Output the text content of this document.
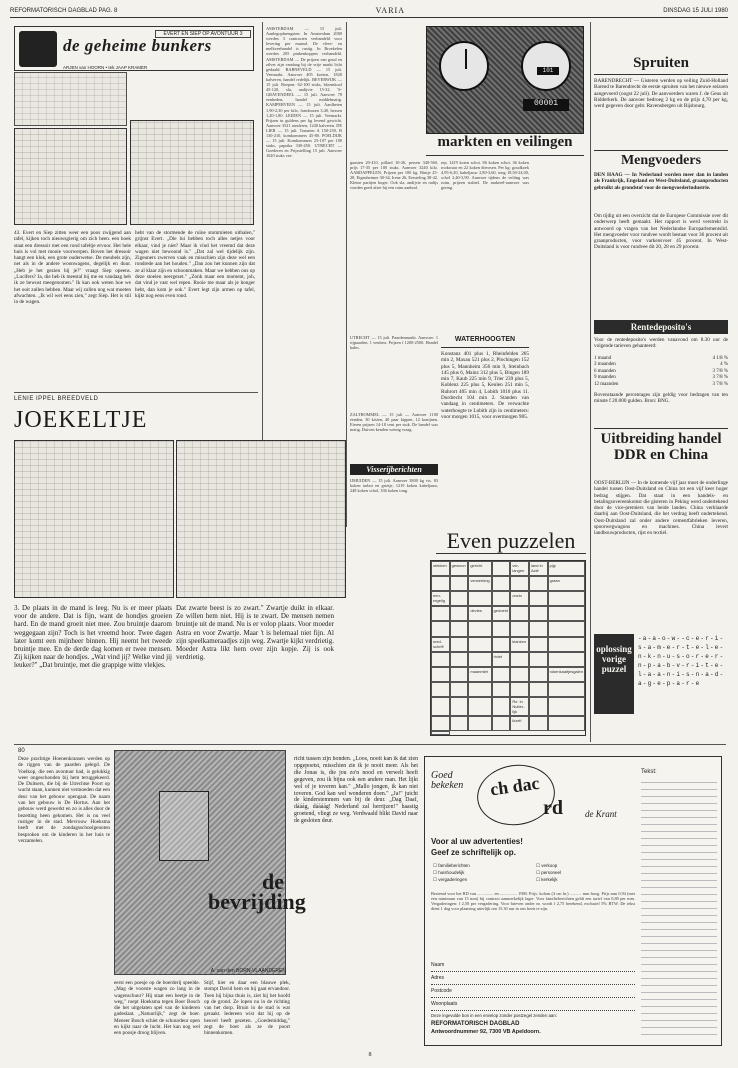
REFORMATORISCH DAGBLAD PAG. 8	VARIA	DINSDAG 15 JULI 1980
EVERT EN SIEP OP AVONTUUR 3
de geheime bunkers
ARJEN van HOORN • tek JAAP KRAMER
43. Evert en Siep zitten weer een poos zwijgend aan tafel, kijken toch nieuwsgierig om zich heen. een hoek staat een dressoir met een rond tafeltje ervoor. Het hele huis is vol met mooie voorwerpen. Boven het dressoir hangt een klok, een grote ouderwetse. De meubels zijn, net als in de andere woonwagens, degelijk en duur. „Heb je het gezien bij je?" vraagt Siep opeens. „Lucifers? Ja, die heb ik meestal bij me en vandaag heb ik ze bewust meegenomen." Ik kan ook weten hoe we het ooit zullen hebben. Maar wij zullen nog wat moeten afwachten. „Ik wil wel eens zien," zegt Siep. Het is stil in de wagen.
hebt van de stormende de ruïne stommieten uithalen," grijnst Evert. „Die lui hebben toch alles netjes voor elkaar, vind je niet? Maar ik vind het vreemd dat deze wagen niet bewoond is." „Dat zal wel tijdelijk zijn. Zigeuners zwerven vaak en misschien zijn deze wel een rondrede aan het houden." „Dan zou het kunnen zijn dat ze al klaar zijn en schoonmaken. Maar we hebben ons op deze stoelen neergezet." „Zonk maar een moment, joh, dat vind je vast wel repen. Rooie me maar als je honger hebt, dan kom je ook." Evert legt zijn armen op tafel, kijkt nog eens even rond.
AMSTERDAM — 15 juli. Aanlegopbrengsten: In Amsterdam 2000 werden 3 contracten verhandeld voor levering per maand. De vlees- en melkveehandel is rustig. In Broekelen werden 205 pinkenkoppen verhandeld. AMSTERDAM — De prijzen van goud en zilver zijn vandaag bij de vrije markt licht gedaald. BARNEVELD — 15 juli. Veemarkt. Aanvoer 405 koeien, 1820 kalveren, handel redelijk. BEVERWIJK — 15 juli. Boepen: 62-100 stuks, bloemkool 45-120, sla, andijvie 15-32. 'S-GRAVENDEEL — 15 juli. Aanvoer 78 eenheden, handel middelmatig. KAMPERVEEN — 15 juli. Aardbeien 1,90-2,30 per kilo, frambozen 3,40, bessen 1,20-1,80. LEIDEN — 15 juli. Veemarkt. Prijzen in guldens per kg levend gewicht. Aanvoer 3521 runderen, 1240 kalveren. DE LIER — 15 juli. Tomaten A 150-250, B 130-210, komkommers 45-80. POELDIJK — 15 juli. Komkommers 25-107 per 100 stuks, paprika 330-450. UTRECHT — Goederen en Prijsstelling 15 juli. Aanvoer 1020 stuks vee.
101
00001
markten en veilingen
gaasten 20-410, pillard 10-26, persen 340-560, prijs 17-35 per 100 stuks. Aanvoer 3240 kilo. AARDAPPELEN. Prijzen per 100 kg. Bintje 25-28, Eigenheimer 30-34, Irene 26, Eersteling 38-42. Kleine partijen hoger. Ook sla, andijvie en radijs vonden goed afzet bij een ruim aanbod.
rep. 1419 koten schot. 86 koken schot. 36 koken rookwaar en 22 koken dierosen. Per kg: goudkoek 4,95-6,20, kabeljauw 2,80-3,60, tong 18,50-24,00, schol 2,40-3,90. Aanvoer tijdens de veiling was ruim, prijzen stabiel. De makreel-aanvoer was gering.
UTRECHT — 15 juli. Paardenmarkt. Aanvoer: 1 rijpaarden, 1 veulens. Prijzen f 1200-2500. Handel kalm.
ZALTBOMMEL — 15 juli — Aanvoer 1100 eenden, 30 kisten, 40 paar kippen, 12 konijnen. Eieren prijzen 14-18 cent per stuk. De handel was matig. Duiven kenden weinig vraag.
Visserijberichten
IJMUIDEN — 15 juli. Aanvoer 3800 kg vis. 83 koken tarbot en grietje, 1219 koken kabeljauw, 248 koken schol, 336 koken tong.
WATERHOOGTEN
Konstanz 401 plus 1, Rheinfelden 265 min 2, Maxau 521 plus 2, Plochingen 152 plus 5, Mannheim 356 min 9, Steinbach 145 plus 6, Mainz 312 plus 5, Bingen 189 min 7, Kaub 225 min 9, Trier 239 plus 5, Koblenz 225 plus 5, Keulen 251 min 5, Ruhrort 405 min 4, Lobith 1010 plus 11. Dordrecht 104 min 2. Standen van vandaag in centimeters. De verwachte waterhoogte te Lobith zijn in centimeters: voor morgen 1015, voor overmorgen 985.
Spruiten
BARENDRECHT — Gisteren werden op veiling Zuid-Holland Barend te Barendrecht de eerste spruiten van het nieuwe seizoen aangevoerd (oogst 22 juli). De aanvoerders waren J. de Geus uit Ridderkerk. De aanvoer bedroeg 2 kg en de prijs 4,70 per kg, werd gegeven door gebr. Ravensbergen uit Rijsbourg.
Mengvoeders
DEN HAAG — In Nederland worden meer dan in landen als Frankrijk, Engeland en West-Duitsland, graanproducten gebruikt als grondstof voor de mengvoederindustrie.
Om tijdig uit een overzicht dat de Europese Commissie over dit onderwerp heeft gemaakt. Het rapport is werd verstrekt in antwoord op vragen van het Nederlandse Europarlementslid. Het mengvoeder voor rundvee wordt bestaat voor 36 procent uit graanproducten, voor varkensvoer 45 procent. In West-Duitsland is voor rundvee dit 20, 28 en 29 procent.
Rentedeposito's
Voor de rentedeposito's werden vanavond om 8.30 uur de volgende tarieven gehanteerd:
1 maand	4 1/8 %
3 maanden	4 %
6 maanden	3 7/8 %
9 maanden	3 7/8 %
12 maanden	3 7/8 %
Bovenstaande percentages zijn geldig voor bedragen van ten minste f 20.000 gulden. Bron: BNG.
Uitbreiding handel DDR en China
OOST-BERLIJN — In de komende vijf jaar moet de onderlinge handel tussen Oost-Duitsland en China tot een vijf keer hoger bedrag stijgen. Dat staat in een handels- en betalingsovereenkomst die gisteren in Peking werd ondertekend door de vice-premiers van beide landen. China verklaarde daarbij aan Oost-Duitsland, die het verdrag heeft ondertekend. Oost-Duitsland zal onder andere cementfabrieken leveren, spoorwegwagons en machines. China levert landbouwproducten, rijst en textiel.
oplossing vorige puzzel
-a-a-o-w--c-e-r-i-s-a-m-e-r-t-e-l-e-n-k-n-u-s-o-r-e-r-n-p-a-b-v-r-i-t-e-l-a-a-n-i-s-n-a-d-a-g-e-p-a-r-e
Even puzzelen
stekken	gewoon	gericht	ver-langen
land in Azië
pijp
verwerking	graan
een-regelig
onzin
devies	gedoeld
med-schrift
klanken
riviet
maanmiet	rokenkaaltjesgalen
Re. in Nutter-lijk
ikzelf
LENIE IPPEL BREEDVELD
JOEKELTJE
3. De plaats in de mand is leeg. Nu is er meer plaats voor de andere. Dat is fijn, want de hondjes groeien hard. En de mand groeit niet mee. Zou bruintje daarom weggegaan zijn? Toch is het vreemd hoor. Twee dagen later komt een mijnheer binnen. Hij neemt het tweede bruintje mee. En de derde dag komen er twee mensen. Zij kijken naar de hondjes. „Wat vind jij? Welke vind jij leuker?" „Dat bruintje, met die grappige witte vlekjes.
Dat zwarte beest is zo zwart." Zwartje duikt in elkaar. Ze willen hem niet. Hij is te zwart. De mensen nemen bruintje uit de mand. Nu is er volop plaats. Voor moeder Astra en voor Zwartje. Maar 't is helemaal niet fijn. Al zijn speelkameraadjes zijn weg. Zwartje kijkt verdrietig. Moeder Astra likt hem over zijn kopje. Zij is ook verdrietig.
80
Deze prachtige Hoenenkransen werden op de riggen van de paarden gelegd. De Voelkop, die een avontuur had, is gelukkig weer ongeschonden bij hem teruggekeerd. De Duitsers, die bij de Utrechtse Poort op wacht staan, kunnen niet vermoeden dat een deur van het gebouw opengaat. De naam van het gebouw is De Hortus. Aan het gebouw werd gewerkt en zo is alles door de bezetting heen gekomen. Het is nu veel rustiger in de stad. Mevrouw Hoeksma heeft met de zondagsschoolgenoten besproken om de kinderen in het huis te verzamelen.
de bevrijding
A. van den BORN-VLAANDEREN
eerst een poesje op de boerderij speelde. „Mag de voorste wagen zo lang in de wagenschuur? Hij staat een beetje in de weg," roept Hoeksma tegen Boer Bosch die het uitgelaten spel van de kinderen gadeslaat. „Natuurlijk," zegt de boer. Meneer Bosch schiet de schuurdeur open en kijkt naar de lucht. Het kan nog wel een poosje droog blijven.
Stijf, hier en daar een blauwe plek, stompt David hem en hij gaat ervandoor. Toen hij bijna thuis is, ziet hij het hoofd op de grond. Ze lopen nu in de richting van het dorp. Bruin in de stad is wat geraakt. Iedereen wist dat hij op de heuvel heeft gezeten. „Goedemiddag," zegt de boer als ze de poort binnenkomen.
richt tussen zijn honden. „Loos, nooit kan ik dat zien opgepoetst, misschien zie ik je nooit meer. Als het die Jonas is, die jou zo'n nood en verwelt heeft gegeven, zou ik bijna ook een andere man. Het lijkt wel of je toveren kan." „Mallo jongen, ik kan niet toveren. God kan wel wonderen doen." „Ja!" juicht de kinderstemmen van bij de deur. „Dag Daaf, dááág, dáááág! Nederland zal herrijzen!" haastig groetend, vliegt ze weg. Verdwaald blikt David naar de gesloten deur.
Goed bekeken	ch dac
rd	de Krant
Tekst:
Voor al uw advertenties!
Geef ze schriftelijk op.
☐ familieberichten	☐ verkoop
☐ huishoudelijk	☐ personeel
☐ vergaderingen	☐ kerkelijk
Bestemd voor het RD van ............... en ................ 1980. Prijs: kolom (4 cm br.) ........... mm hoog. Prijs mm 0,94 (met een minimum van 15 mm) bij contract aanmerkelijk lager. Voor familieberichten geldt een tarief van 0,80 per mm. Vergaderingen: f 2,50 per vergadering. Voor brieven onder nr. wordt f 2,75 berekend, exclusief 5% BTW. De tekst dient 1 dag voor plaatsing uiterlijk om 15.30 uur in ons bezit te zijn.
Naam
Adres
Postcode
Woonplaats
Deze ingevulde bon in een envelop zonder postzegel zenden aan:
REFORMATORISCH DAGBLAD
Antwoordnummer 92, 7300 VB Apeldoorn.
8
